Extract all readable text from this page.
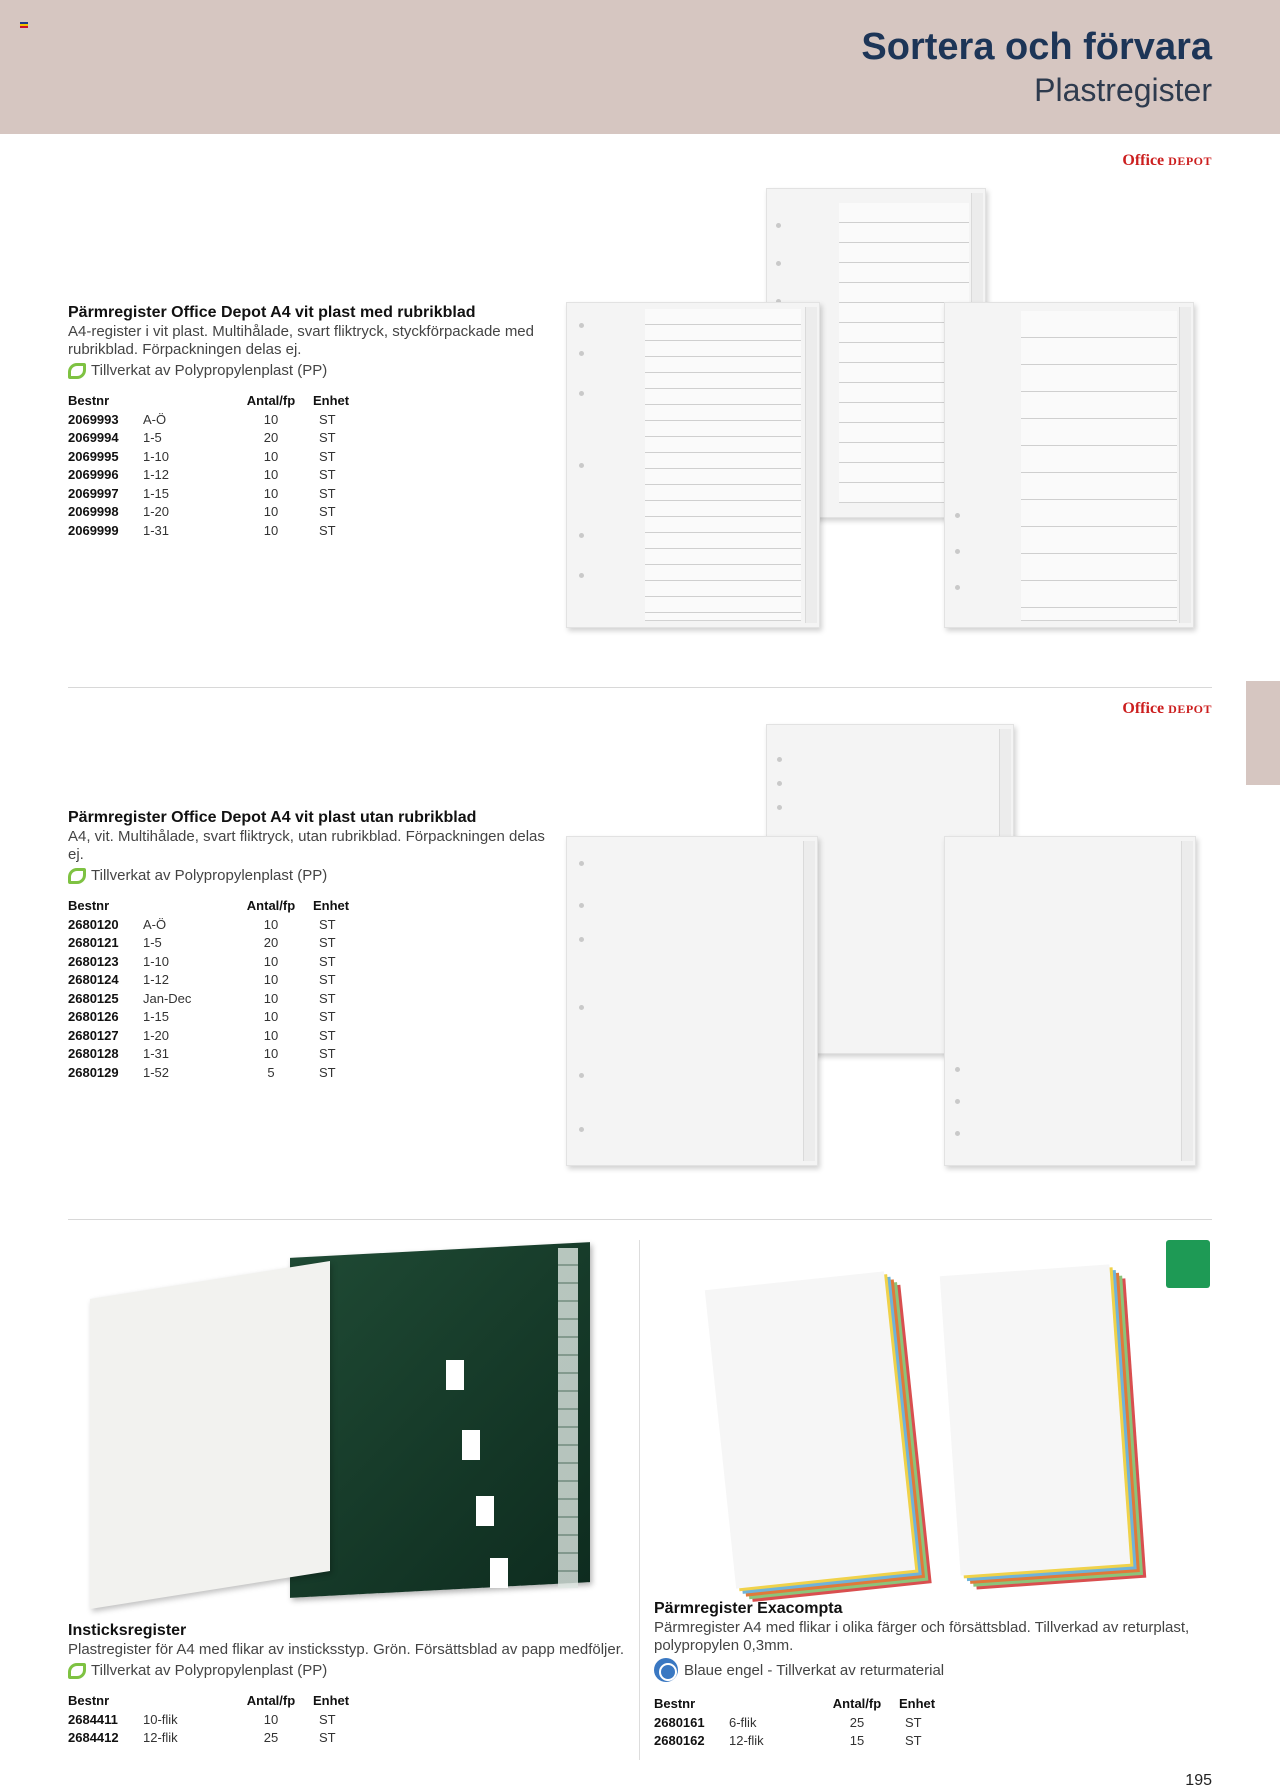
Sortera och förvara
Plastregister
Office DEPOT
Office DEPOT
Pärmregister Office Depot A4 vit plast med rubrikblad
A4-register i vit plast. Multihålade, svart fliktryck, styckförpackade med rubrikblad. Förpackningen delas ej.
Tillverkat av Polypropylenplast (PP)
Bestnr		Antal/fp	Enhet
2069993	A-Ö	10	ST
2069994	1-5	20	ST
2069995	1-10	10	ST
2069996	1-12	10	ST
2069997	1-15	10	ST
2069998	1-20	10	ST
2069999	1-31	10	ST
Pärmregister Office Depot A4 vit plast utan rubrikblad
A4, vit. Multihålade, svart fliktryck, utan rubrikblad. Förpackningen delas ej.
Tillverkat av Polypropylenplast (PP)
Bestnr		Antal/fp	Enhet
2680120	A-Ö	10	ST
2680121	1-5	20	ST
2680123	1-10	10	ST
2680124	1-12	10	ST
2680125	Jan-Dec	10	ST
2680126	1-15	10	ST
2680127	1-20	10	ST
2680128	1-31	10	ST
2680129	1-52	5	ST
Insticksregister
Plastregister för A4 med flikar av insticksstyp. Grön. Försättsblad av papp medföljer.
Tillverkat av Polypropylenplast (PP)
Bestnr		Antal/fp	Enhet
2684411	10-flik	10	ST
2684412	12-flik	25	ST
Pärmregister Exacompta
Pärmregister A4 med flikar i olika färger och försättsblad. Tillverkad av returplast, polypropylen 0,3mm.
Blaue engel - Tillverkat av returmaterial
Bestnr		Antal/fp	Enhet
2680161	6-flik	25	ST
2680162	12-flik	15	ST
195
